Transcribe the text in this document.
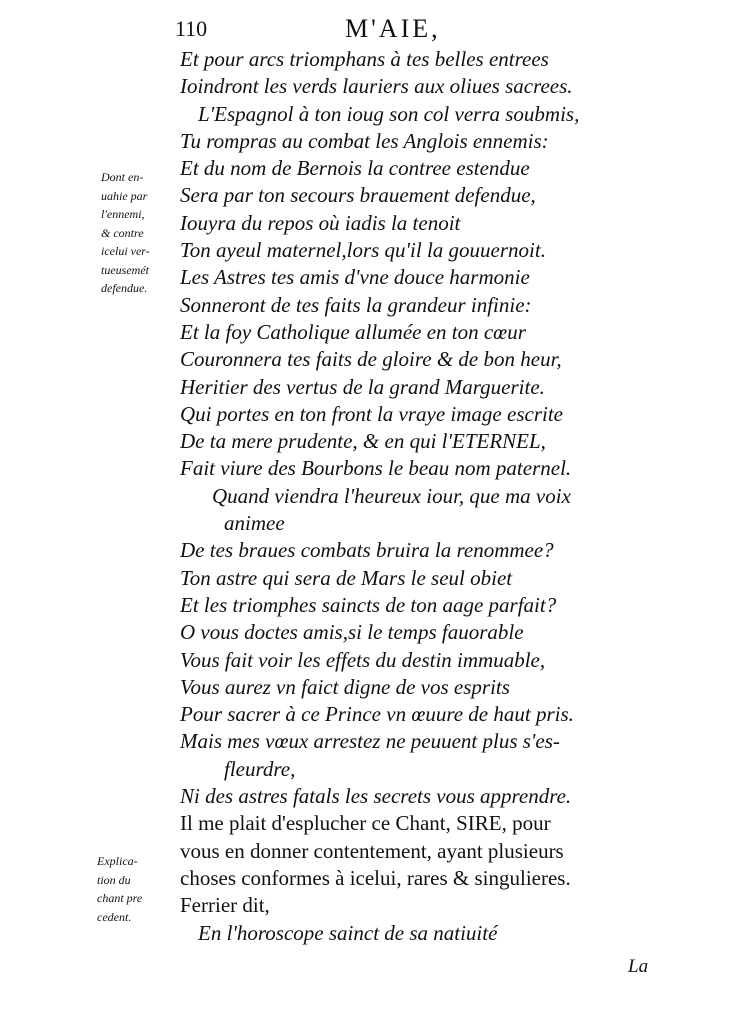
110	M'AIE,
Et pour arcs triomphans à tes belles entrees
Ioindront les verds lauriers aux oliues sacrees.
L'Espagnol à ton ioug son col verra soubmis,
Tu rompras au combat les Anglois ennemis:
Et du nom de Bernois la contree estendue
Sera par ton secours brauement defendue,
Iouyra du repos où iadis la tenoit
Ton ayeul maternel,lors qu'il la gouuernoit.
Les Astres tes amis d'vne douce harmonie
Sonneront de tes faits la grandeur infinie:
Et la foy Catholique allumée en ton cœur
Couronnera tes faits de gloire & de bon heur,
Heritier des vertus de la grand Marguerite.
Qui portes en ton front la vraye image escrite
De ta mere prudente, & en qui l'ETERNEL,
Fait viure des Bourbons le beau nom paternel.
Quand viendra l'heureux iour, que ma voix
animee
De tes braues combats bruira la renommee?
Ton astre qui sera de Mars le seul obiet
Et les triomphes saincts de ton aage parfait?
O vous doctes amis,si le temps fauorable
Vous fait voir les effets du destin immuable,
Vous aurez vn faict digne de vos esprits
Pour sacrer à ce Prince vn œuure de haut pris.
Mais mes vœux arrestez ne peuuent plus s'es-
fleurdre,
Ni des astres fatals les secrets vous apprendre.
Il me plait d'esplucher ce Chant, SIRE, pour
vous en donner contentement, ayant plusieurs
choses conformes à icelui, rares & singulieres.
Ferrier dit,
En l'horoscope sainct de sa natiuité
Dont en-
uahie par
l'ennemi,
& contre
icelui ver-
tueusemét
defendue.
Explica-
tion du
chant pre
cedent.
La
